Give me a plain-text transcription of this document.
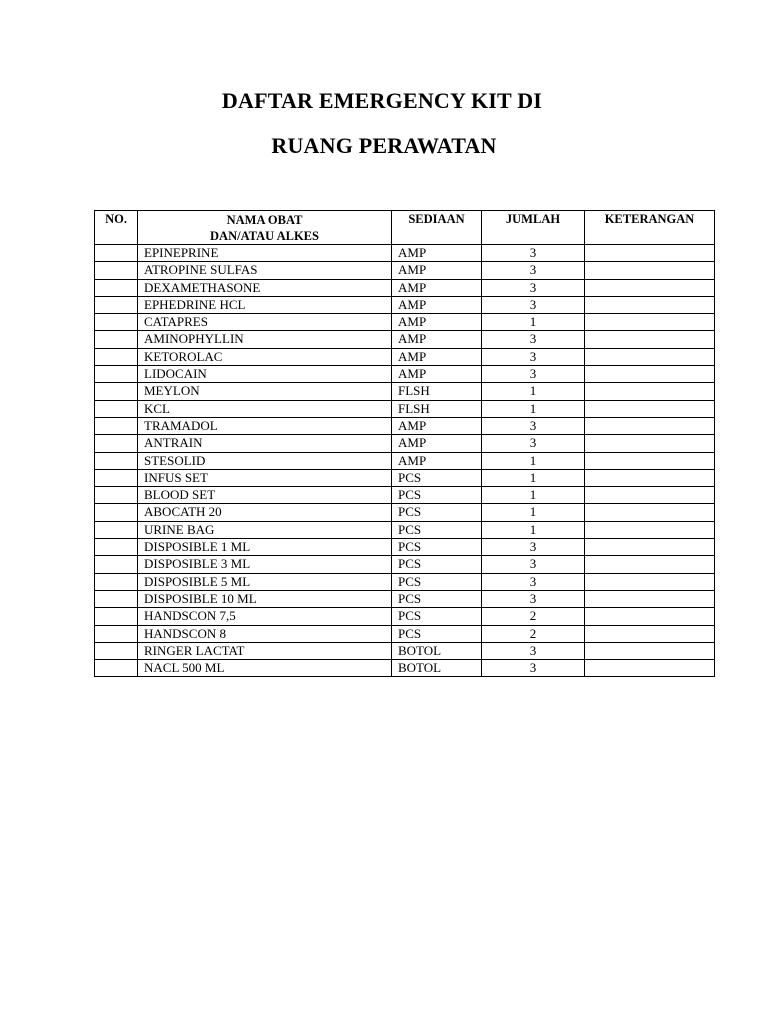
DAFTAR EMERGENCY KIT DI
RUANG PERAWATAN
NO.	NAMA OBAT
DAN/ATAU ALKES	SEDIAAN	JUMLAH	KETERANGAN
	EPINEPRINE	AMP	3	
	ATROPINE SULFAS	AMP	3	
	DEXAMETHASONE	AMP	3	
	EPHEDRINE HCL	AMP	3	
	CATAPRES	AMP	1	
	AMINOPHYLLIN	AMP	3	
	KETOROLAC	AMP	3	
	LIDOCAIN	AMP	3	
	MEYLON	FLSH	1	
	KCL	FLSH	1	
	TRAMADOL	AMP	3	
	ANTRAIN	AMP	3	
	STESOLID	AMP	1	
	INFUS SET	PCS	1	
	BLOOD SET	PCS	1	
	ABOCATH 20	PCS	1	
	URINE BAG	PCS	1	
	DISPOSIBLE 1 ML	PCS	3	
	DISPOSIBLE 3 ML	PCS	3	
	DISPOSIBLE 5 ML	PCS	3	
	DISPOSIBLE 10 ML	PCS	3	
	HANDSCON 7,5	PCS	2	
	HANDSCON 8	PCS	2	
	RINGER LACTAT	BOTOL	3	
	NACL 500 ML	BOTOL	3	
